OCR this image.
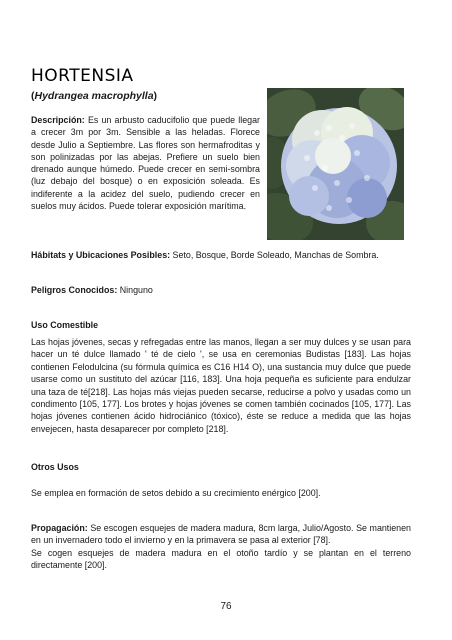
HORTENSIA

(Hydrangea macrophylla)

Descripción: Es un arbusto caducifolio que puede llegar a crecer 3m por 3m. Sensible a las heladas. Florece desde Julio a Septiembre. Las flores son hermafroditas y son polinizadas por las abejas. Prefiere un suelo bien drenado aunque húmedo. Puede crecer en semi-sombra (luz debajo del bosque) o en exposición soleada. Es indiferente a la acidez del suelo, pudiendo crecer en suelos muy ácidos. Puede tolerar exposición marítima.

Hábitats y Ubicaciones Posibles: Seto, Bosque, Borde Soleado, Manchas de Sombra.

Peligros Conocidos: Ninguno

Uso Comestible

Las hojas jóvenes, secas y refregadas entre las manos, llegan a ser muy dulces y se usan para hacer un té dulce llamado ' té de cielo ', se usa en ceremonias Budistas [183]. Las hojas contienen Felodulcina (su fórmula química es C16 H14 O), una sustancia muy dulce que puede usarse como un sustituto del azúcar [116, 183]. Una hoja pequeña es suficiente para endulzar una taza de té[218]. Las hojas más viejas pueden secarse, reducirse a polvo y usadas como un condimento [105, 177]. Los brotes y hojas jóvenes se comen también cocinados [105, 177]. Las hojas jóvenes contienen ácido hidrociánico (tóxico), éste se reduce a medida que las hojas envejecen, hasta desaparecer por completo [218].

Otros Usos

Se emplea en formación de setos debido a su crecimiento enérgico [200].

Propagación: Se escogen esquejes de madera madura, 8cm larga, Julio/Agosto. Se mantienen en un invernadero todo el invierno y en la primavera se pasa al exterior [78].
Se cogen esquejes de madera madura en el otoño tardío y se plantan en el terreno directamente [200].

76
